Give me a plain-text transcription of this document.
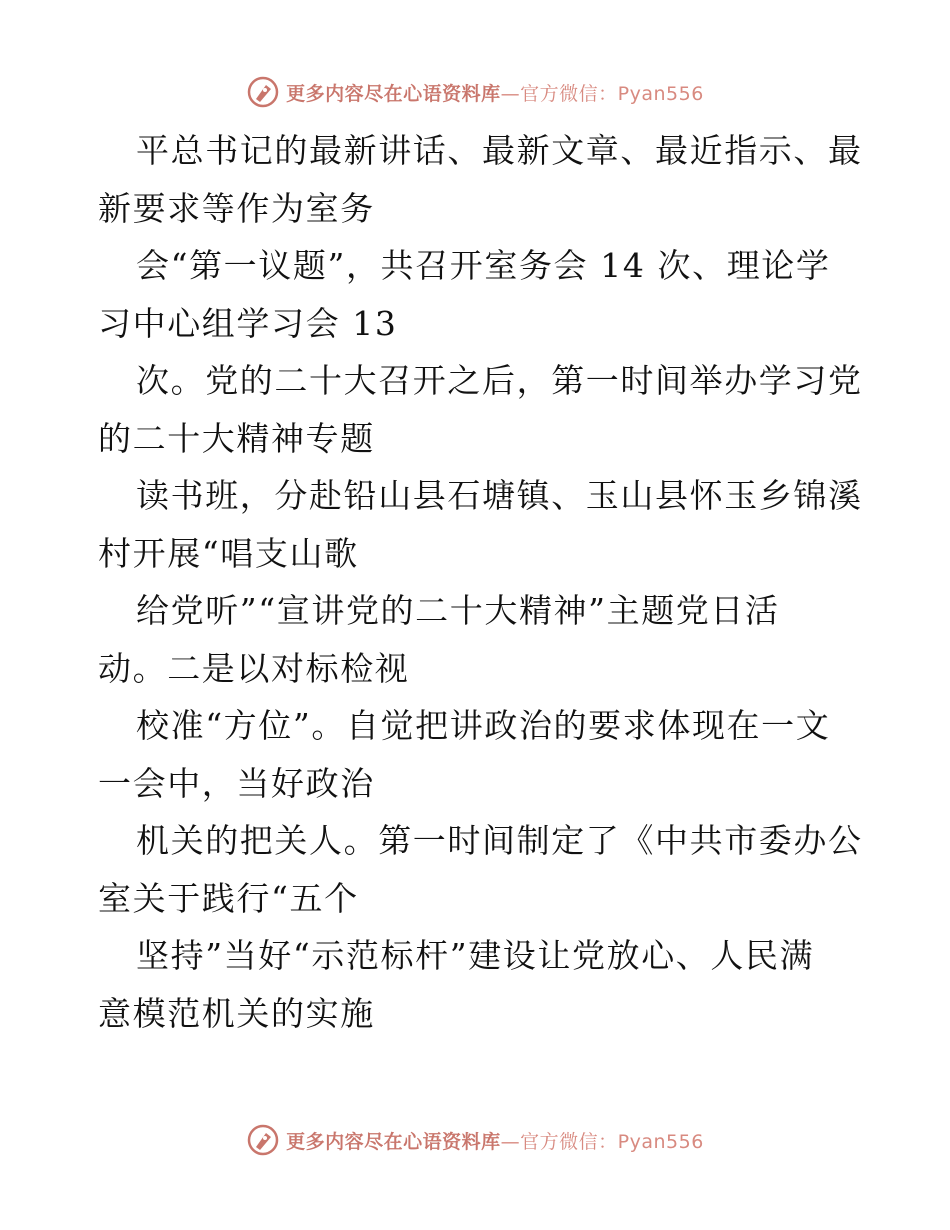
更多内容尽在心语资料库—官方微信：Pyan556
平总书记的最新讲话、最新文章、最近指示、最
新要求等作为室务
会“第一议题”，共召开室务会 14 次、理论学
习中心组学习会 13
次。党的二十大召开之后，第一时间举办学习党
的二十大精神专题
读书班，分赴铅山县石塘镇、玉山县怀玉乡锦溪
村开展“唱支山歌
给党听”“宣讲党的二十大精神”主题党日活
动。二是以对标检视
校准“方位”。自觉把讲政治的要求体现在一文
一会中，当好政治
机关的把关人。第一时间制定了《中共市委办公
室关于践行“五个
坚持”当好“示范标杆”建设让党放心、人民满
意模范机关的实施
更多内容尽在心语资料库—官方微信：Pyan556
